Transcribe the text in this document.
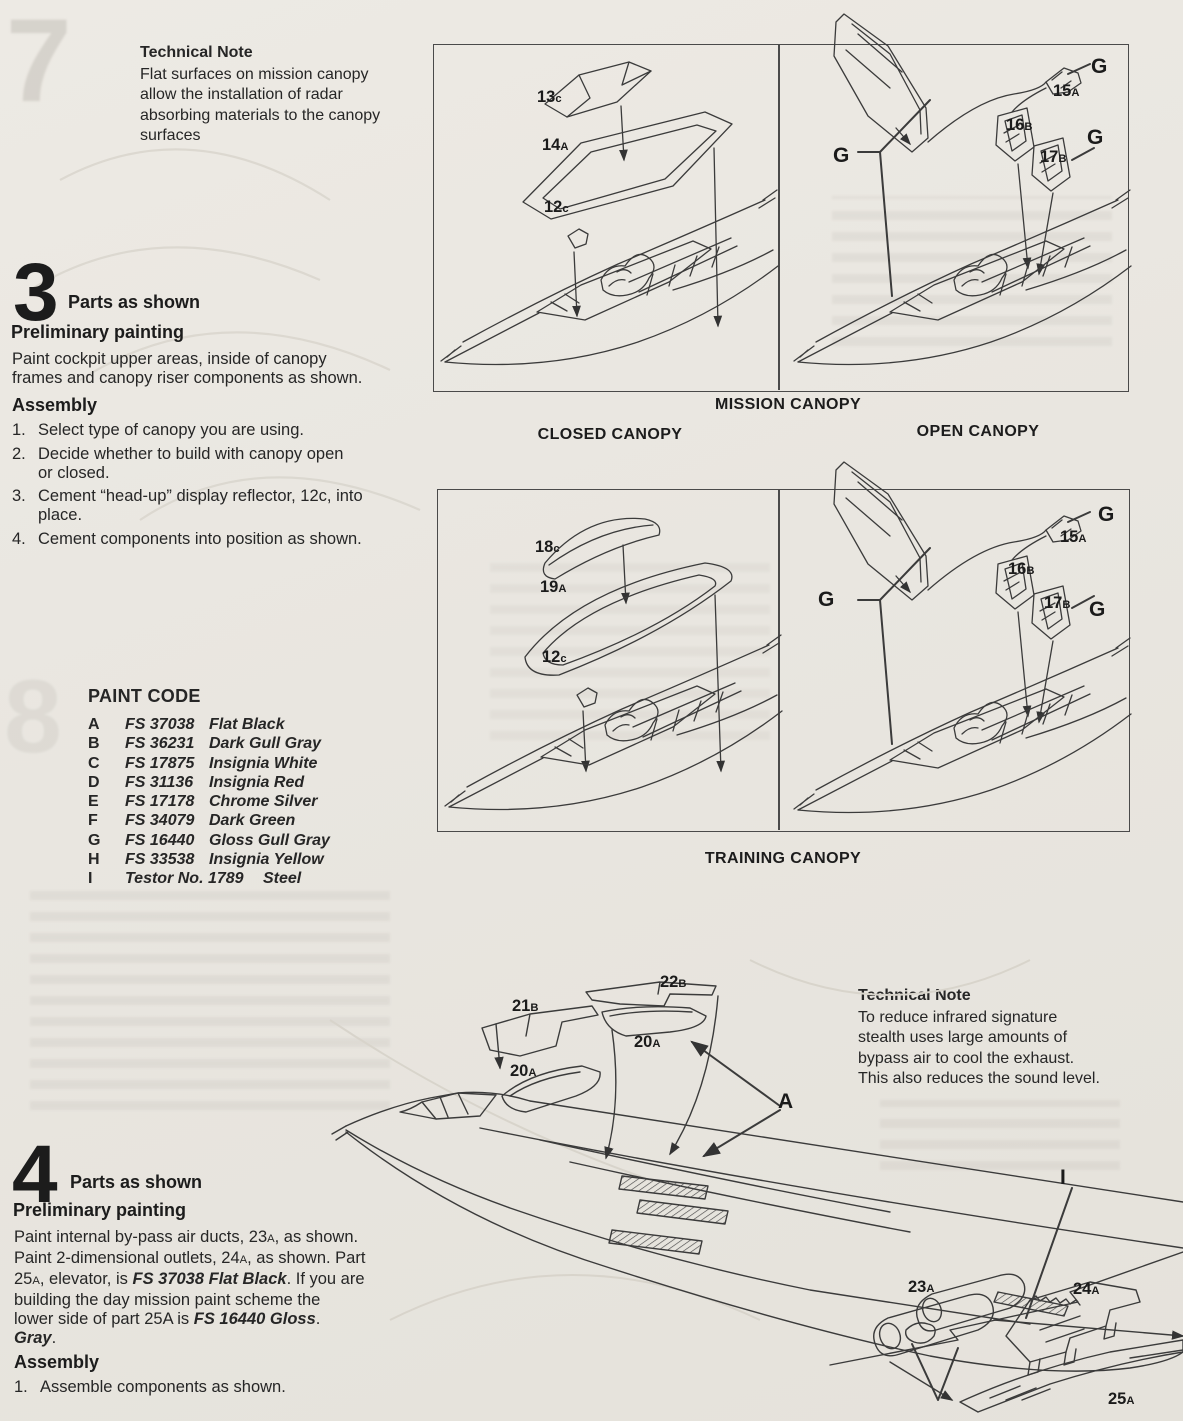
7
8
Technical Note
Flat surfaces on mission canopy
allow the installation of radar
absorbing materials to the canopy
surfaces
3 Parts as shown
Preliminary painting
Paint cockpit upper areas, inside of canopy
frames and canopy riser components as shown.
Assembly
1. Select type of canopy you are using.
2. Decide whether to build with canopy open
or closed.
3. Cement “head-up” display reflector, 12c, into
place.
4. Cement components into position as shown.
PAINT CODE
A	FS 37038 Flat Black
B	FS 36231 Dark Gull Gray
C	FS 17875 Insignia White
D	FS 31136 Insignia Red
E	FS 17178 Chrome Silver
F	FS 34079 Dark Green
G	FS 16440 Gloss Gull Gray
H	FS 33538 Insignia Yellow
I	Testor No. 1789	Steel
MISSION CANOPY
CLOSED CANOPY	OPEN CANOPY
TRAINING CANOPY
13c
14A
12c
G
G
15A
16B
17B
G
18c
19A
12c
G
G
15A
16B
17B G
Technical Note
To reduce infrared signature
stealth uses large amounts of
bypass air to cool the exhaust.
This also reduces the sound level.
4 Parts as shown
Preliminary painting
Paint internal by-pass air ducts, 23A, as shown.
Paint 2-dimensional outlets, 24A, as shown. Part
25A, elevator, is FS 37038 Flat Black. If you are
building the day mission paint scheme the
lower side of part 25A is FS 16440 Gloss.
Gray.
Assembly
1. Assemble components as shown.
21B
22B
20A
20A
A
I
23A	24A
25A
